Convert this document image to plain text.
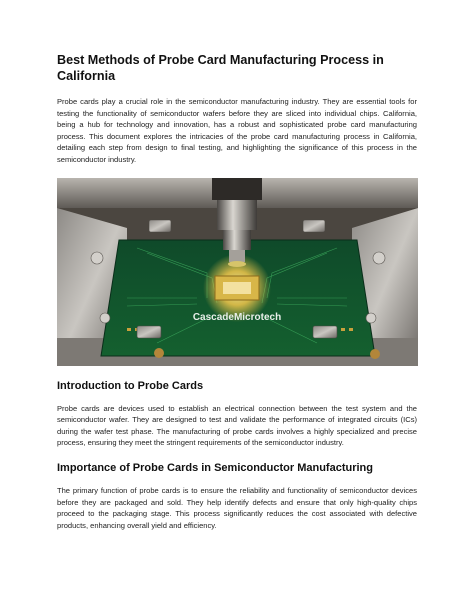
Best Methods of Probe Card Manufacturing Process in California

Probe cards play a crucial role in the semiconductor manufacturing industry. They are essential tools for testing the functionality of semiconductor wafers before they are sliced into individual chips. California, being a hub for technology and innovation, has a robust and sophisticated probe card manufacturing process. This document explores the intricacies of the probe card manufacturing process in California, detailing each step from design to final testing, and highlighting the significance of this process in the semiconductor industry.

CascadeMicrotech
Introduction to Probe Cards

Probe cards are devices used to establish an electrical connection between the test system and the semiconductor wafer. They are designed to test and validate the performance of integrated circuits (ICs) during the wafer test phase. The manufacturing of probe cards involves a highly specialized and precise process, ensuring they meet the stringent requirements of the semiconductor industry.

Importance of Probe Cards in Semiconductor Manufacturing

The primary function of probe cards is to ensure the reliability and functionality of semiconductor devices before they are packaged and sold. They help identify defects and ensure that only high-quality chips proceed to the packaging stage. This process significantly reduces the cost associated with defective products, enhancing overall yield and efficiency.
